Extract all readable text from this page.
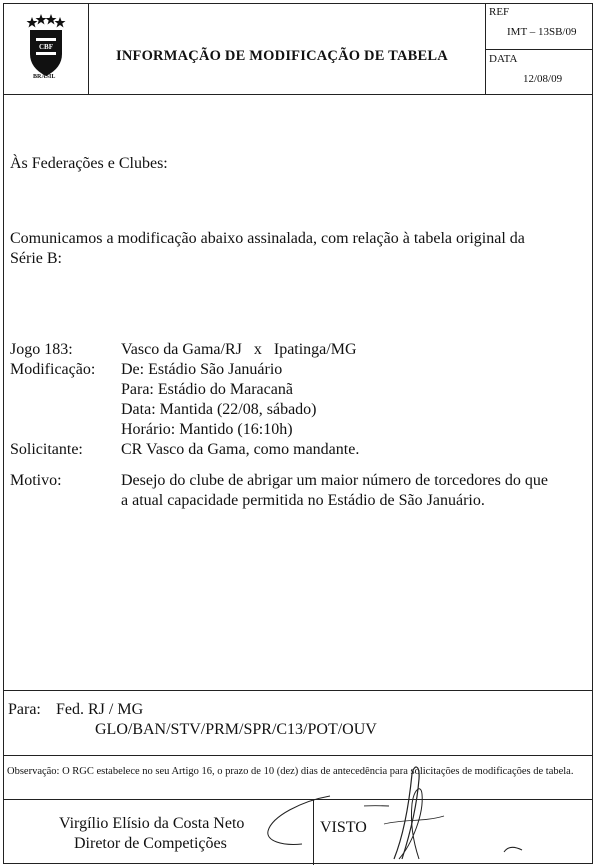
CBF
BRASIL
INFORMAÇÃO DE MODIFICAÇÃO DE TABELA
REF
IMT – 13SB/09
DATA
12/08/09
Às Federações e Clubes:
Comunicamos a modificação abaixo assinalada, com relação à tabela original da
Série B:
Jogo 183:	Vasco da Gama/RJ   x   Ipatinga/MG
Modificação: De: Estádio São Januário
Para: Estádio do Maracanã
Data: Mantida (22/08, sábado)
Horário: Mantido (16:10h)
Solicitante: CR Vasco da Gama, como mandante.
Motivo:	Desejo do clube de abrigar um maior número de torcedores do que
a atual capacidade permitida no Estádio de São Januário.
Para: Fed. RJ / MG
GLO/BAN/STV/PRM/SPR/C13/POT/OUV
Observação: O RGC estabelece no seu Artigo 16, o prazo de 10 (dez) dias de antecedência para solicitações de modificações de tabela.
Virgílio Elísio da Costa Neto
Diretor de Competições
VISTO
